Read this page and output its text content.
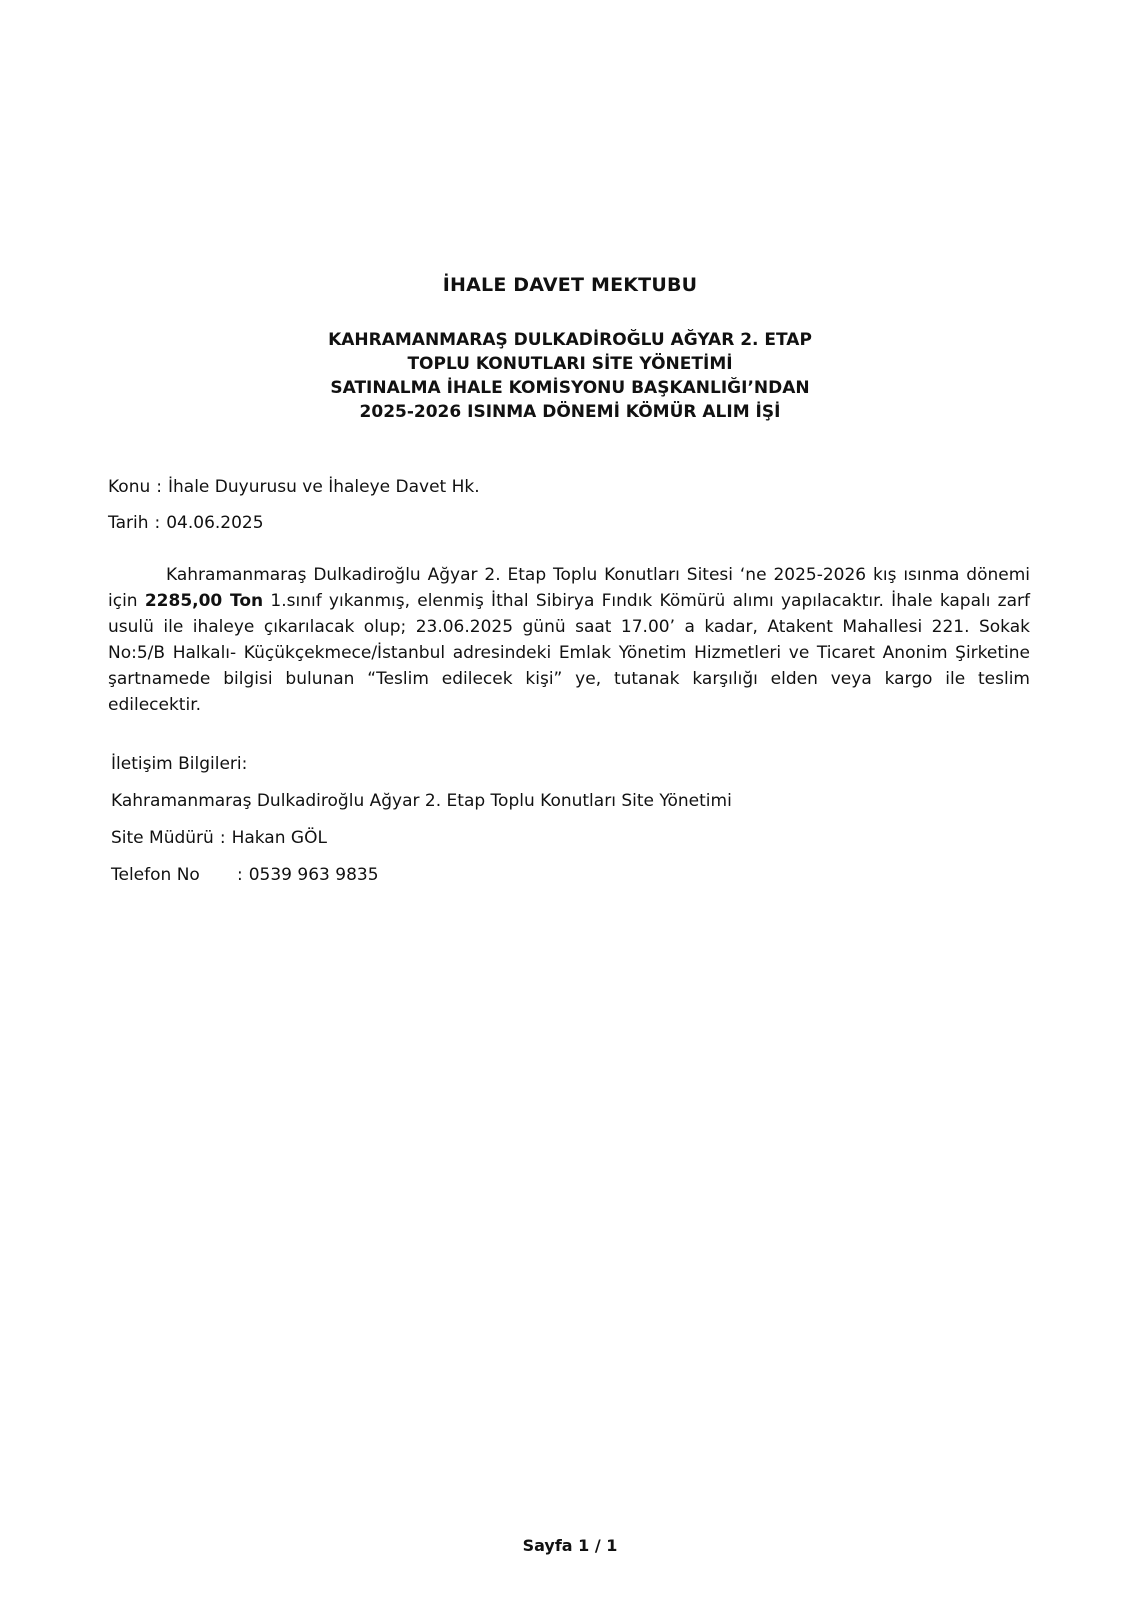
İHALE DAVET MEKTUBU
KAHRAMANMARAŞ DULKADİROĞLU AĞYAR 2. ETAP
TOPLU KONUTLARI SİTE YÖNETİMİ
SATINALMA İHALE KOMİSYONU BAŞKANLIĞI’NDAN
2025-2026 ISINMA DÖNEMİ KÖMÜR ALIM İŞİ
Konu : İhale Duyurusu ve İhaleye Davet Hk.
Tarih : 04.06.2025
Kahramanmaraş Dulkadiroğlu Ağyar 2. Etap Toplu Konutları Sitesi ‘ne 2025-2026 kış ısınma dönemi için 2285,00 Ton 1.sınıf yıkanmış, elenmiş İthal Sibirya Fındık Kömürü alımı yapılacaktır. İhale kapalı zarf usulü ile ihaleye çıkarılacak olup; 23.06.2025 günü saat 17.00’ a kadar, Atakent Mahallesi 221. Sokak No:5/B Halkalı- Küçükçekmece/İstanbul adresindeki Emlak Yönetim Hizmetleri ve Ticaret Anonim Şirketine şartnamede bilgisi bulunan “Teslim edilecek kişi” ye, tutanak karşılığı elden veya kargo ile teslim edilecektir.
İletişim Bilgileri:
Kahramanmaraş Dulkadiroğlu Ağyar 2. Etap Toplu Konutları Site Yönetimi
Site Müdürü : Hakan GÖL
Telefon No : 0539 963 9835
Sayfa 1 / 1
